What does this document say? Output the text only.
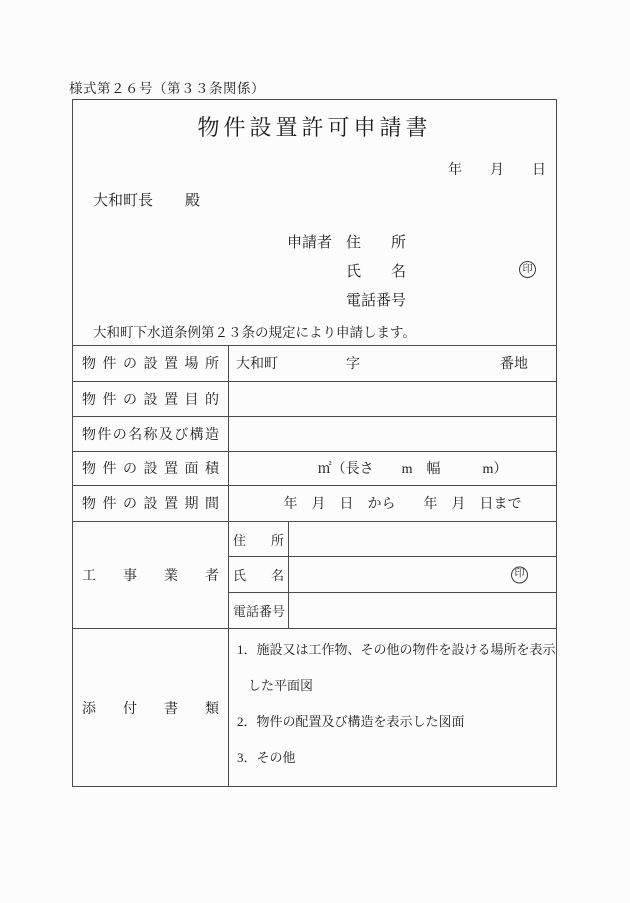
様式第２６号（第３３条関係）
物件設置許可申請書
年　　月　　日
大和町長 殿
申請者 住 所
氏 名
電 話 番 号
印
大和町下水道条例第２３条の規定により申請します。
物 件 の 設 置 場 所 大和町	字	番地
物 件 の 設 置 目 的
物 件 の 名 称 及 び 構 造
物 件 の 設 置 面 積	㎡（長さ　　m　幅　　　m）
物 件 の 設 置 期 間	年　月　日　から　　年　月　日まで
工 事 業 者
住 所
氏 名	印
電 話 番 号
添 付 書 類
1．施設又は工作物、その他の物件を設ける場所を表示
した平面図
2．物件の配置及び構造を表示した図面
3．その他
